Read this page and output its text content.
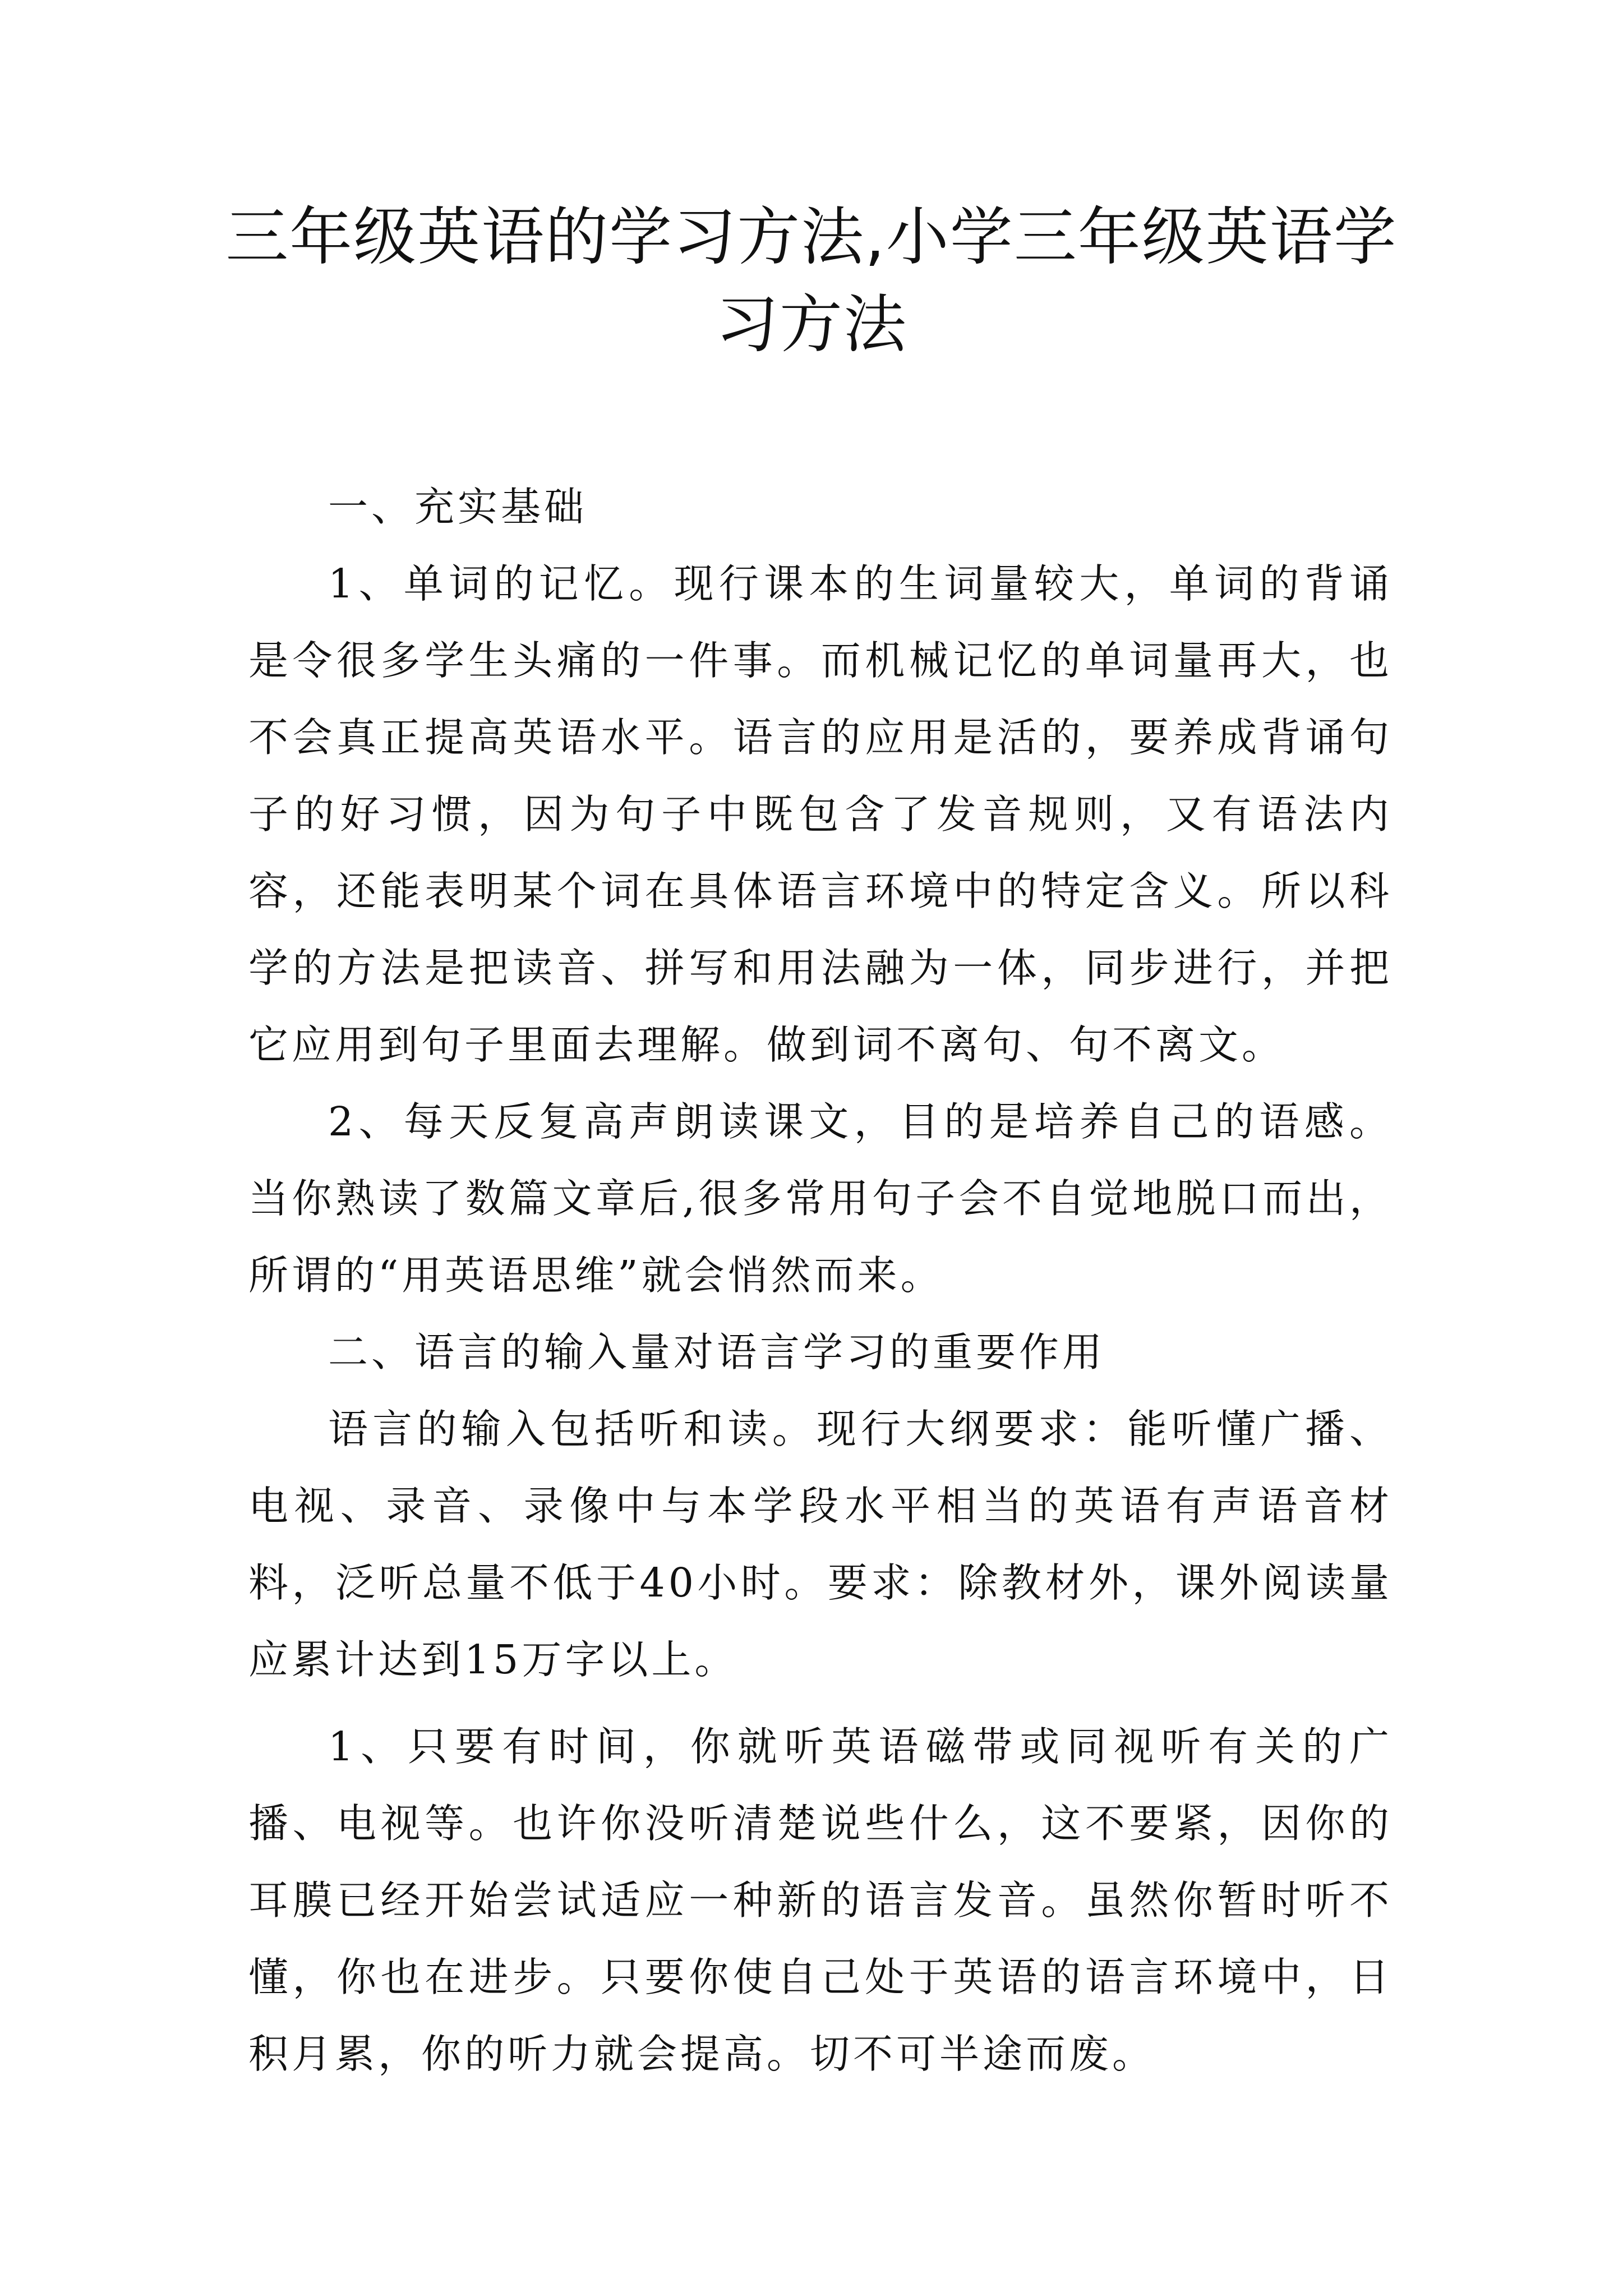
三年级英语的学习方法,小学三年级英语学习方法

一、充实基础

1、单词的记忆。现行课本的生词量较大，单词的背诵是令很多学生头痛的一件事。而机械记忆的单词量再大，也不会真正提高英语水平。语言的应用是活的，要养成背诵句子的好习惯，因为句子中既包含了发音规则，又有语法内容，还能表明某个词在具体语言环境中的特定含义。所以科学的方法是把读音、拼写和用法融为一体，同步进行，并把它应用到句子里面去理解。做到词不离句、句不离文。

2、每天反复高声朗读课文，目的是培养自己的语感。当你熟读了数篇文章后,很多常用句子会不自觉地脱口而出，所谓的“用英语思维”就会悄然而来。

二、语言的输入量对语言学习的重要作用

语言的输入包括听和读。现行大纲要求：能听懂广播、电视、录音、录像中与本学段水平相当的英语有声语音材料，泛听总量不低于40小时。要求：除教材外，课外阅读量应累计达到15万字以上。

1、只要有时间，你就听英语磁带或同视听有关的广播、电视等。也许你没听清楚说些什么，这不要紧，因你的耳膜已经开始尝试适应一种新的语言发音。虽然你暂时听不懂，你也在进步。只要你使自己处于英语的语言环境中，日积月累，你的听力就会提高。切不可半途而废。
